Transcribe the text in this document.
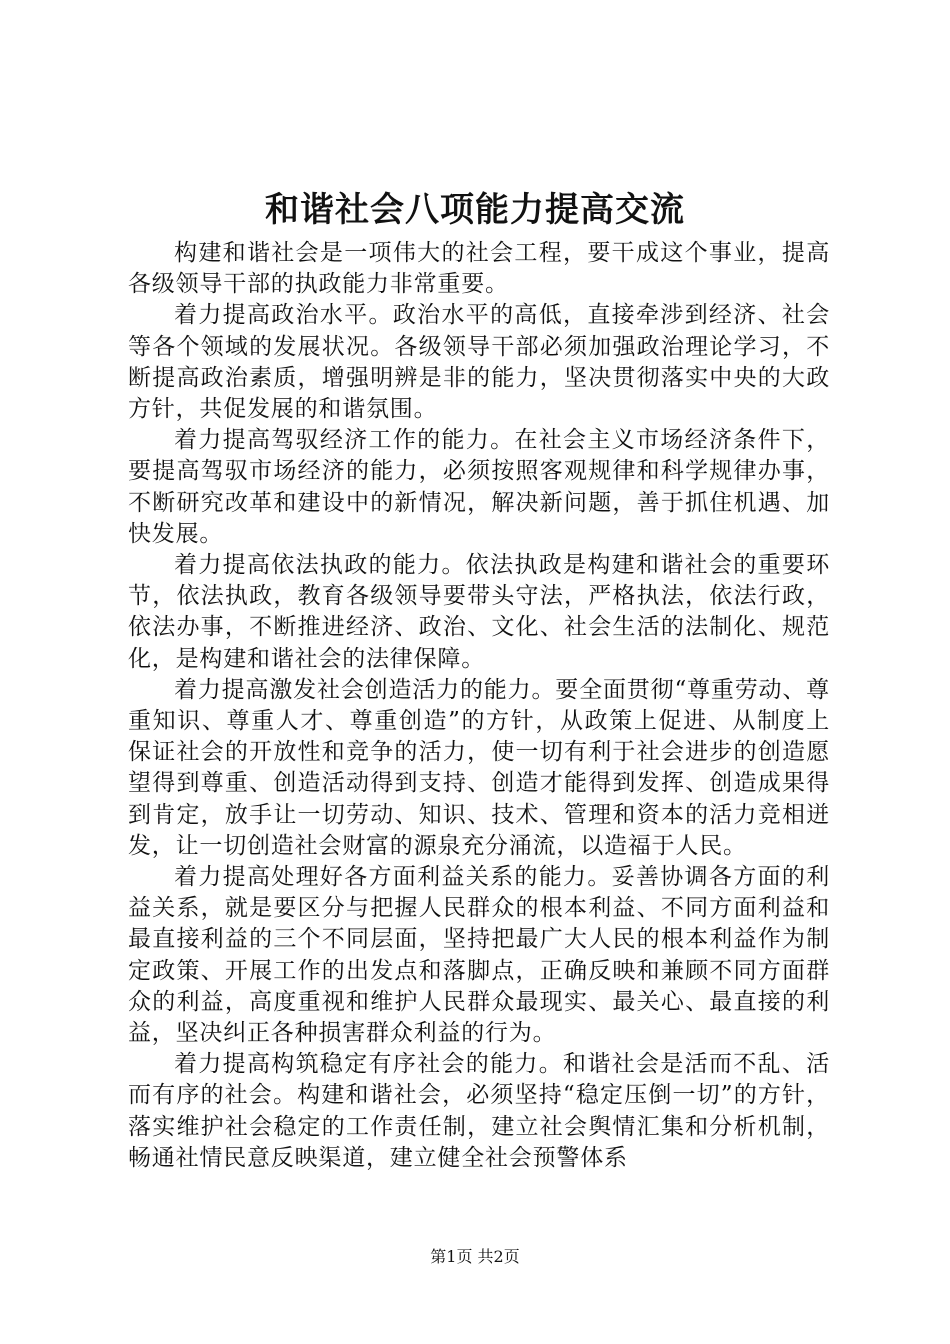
和谐社会八项能力提高交流

构建和谐社会是一项伟大的社会工程，要干成这个事业，提高各级领导干部的执政能力非常重要。

着力提高政治水平。政治水平的高低，直接牵涉到经济、社会等各个领域的发展状况。各级领导干部必须加强政治理论学习，不断提高政治素质，增强明辨是非的能力，坚决贯彻落实中央的大政方针，共促发展的和谐氛围。

着力提高驾驭经济工作的能力。在社会主义市场经济条件下，要提高驾驭市场经济的能力，必须按照客观规律和科学规律办事，不断研究改革和建设中的新情况，解决新问题，善于抓住机遇、加快发展。

着力提高依法执政的能力。依法执政是构建和谐社会的重要环节，依法执政，教育各级领导要带头守法，严格执法，依法行政，依法办事，不断推进经济、政治、文化、社会生活的法制化、规范化，是构建和谐社会的法律保障。

着力提高激发社会创造活力的能力。要全面贯彻“尊重劳动、尊重知识、尊重人才、尊重创造”的方针，从政策上促进、从制度上保证社会的开放性和竞争的活力，使一切有利于社会进步的创造愿望得到尊重、创造活动得到支持、创造才能得到发挥、创造成果得到肯定，放手让一切劳动、知识、技术、管理和资本的活力竞相迸发，让一切创造社会财富的源泉充分涌流，以造福于人民。

着力提高处理好各方面利益关系的能力。妥善协调各方面的利益关系，就是要区分与把握人民群众的根本利益、不同方面利益和最直接利益的三个不同层面，坚持把最广大人民的根本利益作为制定政策、开展工作的出发点和落脚点，正确反映和兼顾不同方面群众的利益，高度重视和维护人民群众最现实、最关心、最直接的利益，坚决纠正各种损害群众利益的行为。

着力提高构筑稳定有序社会的能力。和谐社会是活而不乱、活而有序的社会。构建和谐社会，必须坚持“稳定压倒一切”的方针，落实维护社会稳定的工作责任制，建立社会舆情汇集和分析机制，畅通社情民意反映渠道，建立健全社会预警体系

第1页 共2页
